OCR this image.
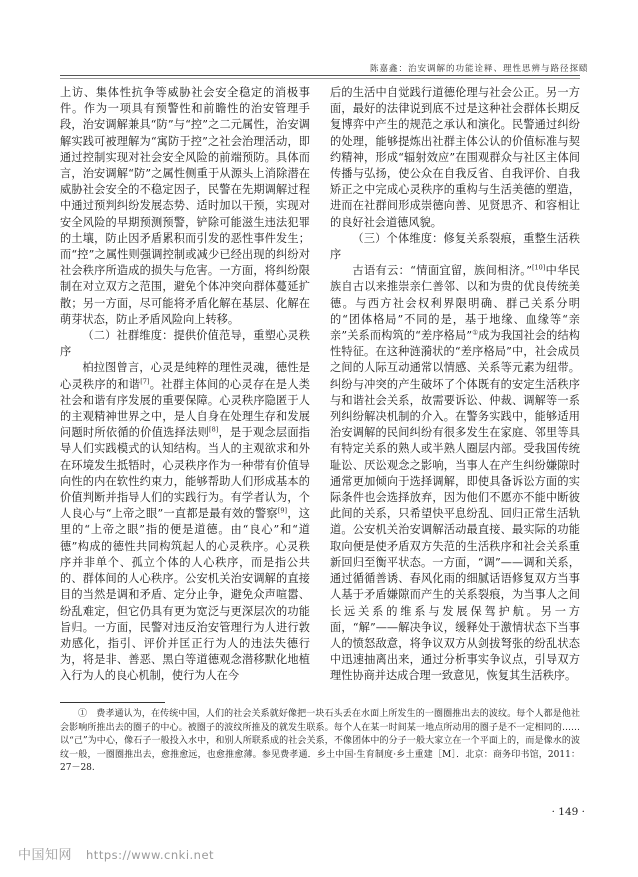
陈嘉鑫：治安调解的功能诠释、理性思辨与路径探赜

上访、集体性抗争等威胁社会安全稳定的消极事件。作为一项具有预警性和前瞻性的治安管理手段，治安调解兼具“防”与“控”之二元属性，治安调解实践可被理解为“寓防于控”之社会治理活动，即通过控制实现对社会安全风险的前端预防。具体而言，治安调解“防”之属性侧重于从源头上消除潜在威胁社会安全的不稳定因子，民警在先期调解过程中通过预判纠纷发展态势、适时加以干预，实现对安全风险的早期预测预警，铲除可能滋生违法犯罪的土壤，防止因矛盾累积而引发的恶性事件发生；而“控”之属性则强调控制或减少已经出现的纠纷对社会秩序所造成的损失与危害。一方面，将纠纷限制在对立双方之范围，避免个体冲突向群体蔓延扩散；另一方面，尽可能将矛盾化解在基层、化解在萌芽状态，防止矛盾风险向上转移。

（二）社群维度：提供价值范导，重塑心灵秩序

柏拉图曾言，心灵是纯粹的理性灵魂，德性是心灵秩序的和谐[7]。社群主体间的心灵存在是人类社会和谐有序发展的重要保障。心灵秩序隐匿于人的主观精神世界之中，是人自身在处理生存和发展问题时所依循的价值选择法则[8]，是于观念层面指导人们实践模式的认知结构。当人的主观欲求和外在环境发生抵牾时，心灵秩序作为一种带有价值导向性的内在软性约束力，能够帮助人们形成基本的价值判断并指导人们的实践行为。有学者认为，个人良心与“上帝之眼”一直都是最有效的警察[9]，这里的“上帝之眼”指的便是道德。由“良心”和“道德”构成的德性共同构筑起人的心灵秩序。心灵秩序并非单个、孤立个体的人心秩序，而是指公共的、群体间的人心秩序。公安机关治安调解的直接目的当然是调和矛盾、定分止争，避免众声喧嚣、纷乱难定，但它仍具有更为宽泛与更深层次的功能旨归。一方面，民警对违反治安管理行为人进行敦劝感化，指引、评价并匡正行为人的违法失德行为，将是非、善恶、黑白等道德观念潜移默化地植入行为人的良心机制，使行为人在今

后的生活中自觉践行道德伦理与社会公正。另一方面，最好的法律说到底不过是这种社会群体长期反复博弈中产生的规范之承认和演化。民警通过纠纷的处理，能够提炼出社群主体公认的价值标准与契约精神，形成“辐射效应”在围观群众与社区主体间传播与弘扬，使公众在自我反省、自我评价、自我矫正之中完成心灵秩序的重构与生活美德的塑造，进而在社群间形成崇德向善、见贤思齐、和容相让的良好社会道德风貌。

（三）个体维度：修复关系裂痕，重整生活秩序

古语有云：“情面宜留，族间相济。”[10]中华民族自古以来推崇亲仁善邻、以和为贵的优良传统美德。与西方社会权利界限明确、群己关系分明的“团体格局”不同的是，基于地缘、血缘等“亲亲”关系而构筑的“差序格局”①成为我国社会的结构性特征。在这种涟漪状的“差序格局”中，社会成员之间的人际互动通常以情感、关系等元素为纽带。纠纷与冲突的产生破坏了个体既有的安定生活秩序与和谐社会关系，故需要诉讼、仲裁、调解等一系列纠纷解决机制的介入。在警务实践中，能够适用治安调解的民间纠纷有很多发生在家庭、邻里等具有特定关系的熟人或半熟人圈层内部。受我国传统耻讼、厌讼观念之影响，当事人在产生纠纷嫌隙时通常更加倾向于选择调解，即使具备诉讼方面的实际条件也会选择放弃，因为他们不愿亦不能中断彼此间的关系，只希望快平息纷乱、回归正常生活轨道。公安机关治安调解活动最直接、最实际的功能取向便是使矛盾双方失范的生活秩序和社会关系重新回归至衡平状态。一方面，“调”——调和关系，通过循循善诱、春风化雨的细腻话语修复双方当事人基于矛盾嫌隙而产生的关系裂痕，为当事人之间长远关系的维系与发展保驾护航。另一方面，“解”——解决争议，缓释处于激情状态下当事人的愤怒敌意，将争议双方从剑拔弩张的纷乱状态中迅速抽离出来，通过分析事实争议点，引导双方理性协商并达成合理一致意见，恢复其生活秩序。

①　费孝通认为，在传统中国，人们的社会关系就好像把一块石头丢在水面上所发生的一圈圈推出去的波纹。每个人都是他社会影响所推出去的圈子的中心。被圈子的波纹所推及的就发生联系。每个人在某一时间某一地点所动用的圈子是不一定相同的……以“己”为中心，像石子一般投入水中，和别人所联系成的社会关系，不像团体中的分子一般大家立在一个平面上的，而是像水的波纹一般，一圈圈推出去，愈推愈远，也愈推愈薄。参见费孝通．乡土中国·生育制度·乡土重建［M］．北京：商务印书馆，2011：27－28.
· 149 ·
中国知网 https://www.cnki.net
